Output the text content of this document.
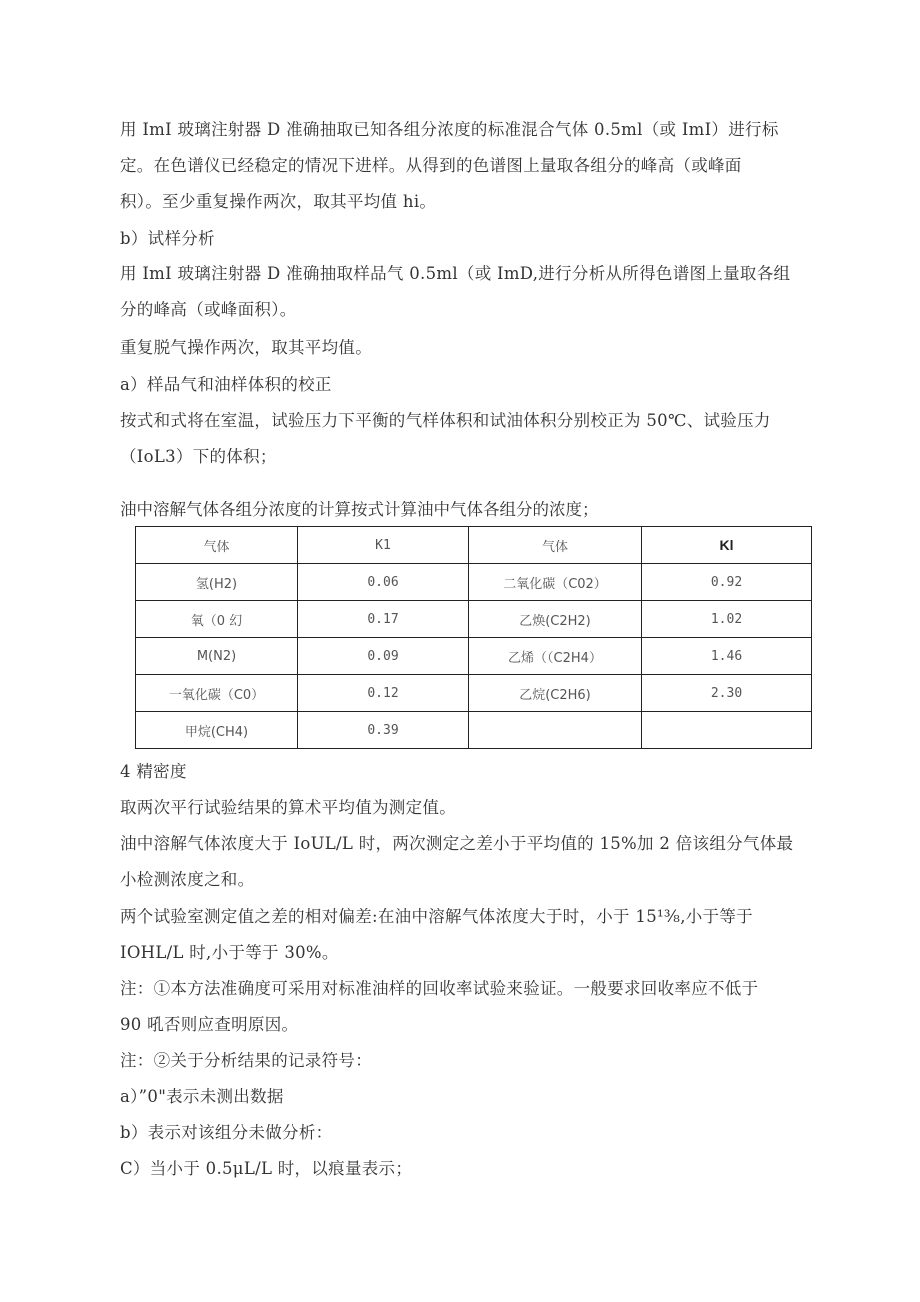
用 ImI 玻璃注射器 D 准确抽取已知各组分浓度的标准混合气体 0.5ml（或 ImI）进行标
定。在色谱仪已经稳定的情况下进样。从得到的色谱图上量取各组分的峰高（或峰面
积）。至少重复操作两次，取其平均值 hi。
b）试样分析
用 ImI 玻璃注射器 D 准确抽取样品气 0.5ml（或 ImD,进行分析从所得色谱图上量取各组
分的峰高（或峰面积）。
重复脱气操作两次，取其平均值。
a）样品气和油样体积的校正
按式和式将在室温，试验压力下平衡的气样体积和试油体积分别校正为 50℃、试验压力
（IoL3）下的体积；
油中溶解气体各组分浓度的计算按式计算油中气体各组分的浓度；
气体	K1	气体	Kl
氢(H2)	0.06	二氧化碳（C02）	0.92
氧（0 幻	0.17	乙焕(C2H2)	1.02
M(N2)	0.09	乙烯（（C2H4）	1.46
一氧化碳（C0）	0.12	乙烷(C2H6)	2.30
甲烷(CH4)	0.39		
4 精密度
取两次平行试验结果的算术平均值为测定值。
油中溶解气体浓度大于 IoUL/L 时，两次测定之差小于平均值的 15%加 2 倍该组分气体最
小检测浓度之和。
两个试验室测定值之差的相对偏差:在油中溶解气体浓度大于时，小于 15¹⅜,小于等于
IOHL/L 时,小于等于 30%。
注：①本方法准确度可采用对标准油样的回收率试验来验证。一般要求回收率应不低于
90 吼否则应查明原因。
注：②关于分析结果的记录符号：
a）”0"表示未测出数据
b）表示对该组分未做分析：
C）当小于 0.5μL/L 时，以痕量表示；
